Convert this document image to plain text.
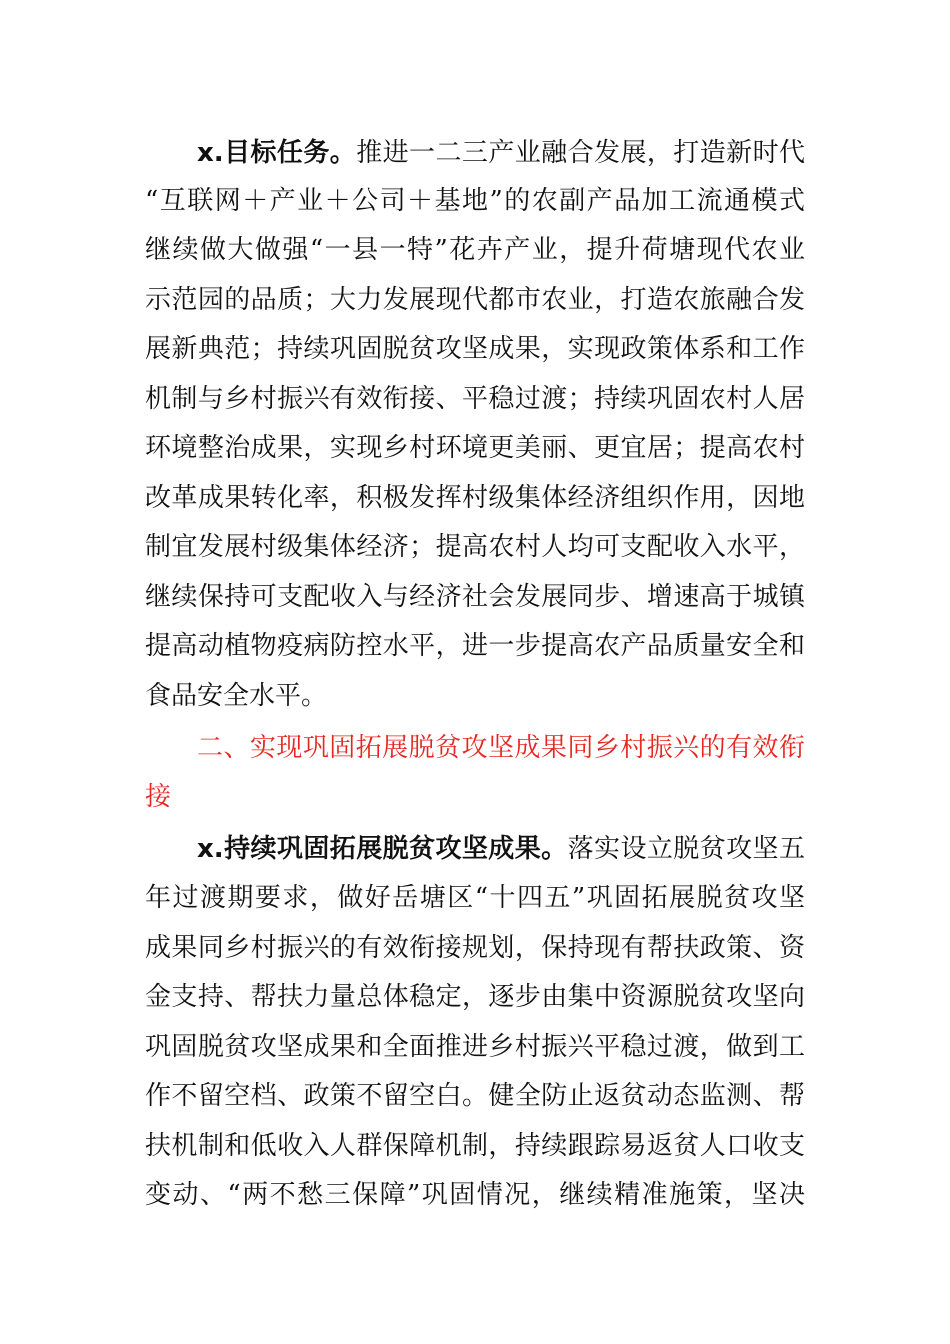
x.目标任务。推进一二三产业融合发展，打造新时代
“互联网＋产业＋公司＋基地”的农副产品加工流通模式
继续做大做强“一县一特”花卉产业，提升荷塘现代农业
示范园的品质；大力发展现代都市农业，打造农旅融合发
展新典范；持续巩固脱贫攻坚成果，实现政策体系和工作
机制与乡村振兴有效衔接、平稳过渡；持续巩固农村人居
环境整治成果，实现乡村环境更美丽、更宜居；提高农村
改革成果转化率，积极发挥村级集体经济组织作用，因地
制宜发展村级集体经济；提高农村人均可支配收入水平，
继续保持可支配收入与经济社会发展同步、增速高于城镇
提高动植物疫病防控水平，进一步提高农产品质量安全和
食品安全水平。
二、实现巩固拓展脱贫攻坚成果同乡村振兴的有效衔
接
x.持续巩固拓展脱贫攻坚成果。落实设立脱贫攻坚五
年过渡期要求，做好岳塘区“十四五”巩固拓展脱贫攻坚
成果同乡村振兴的有效衔接规划，保持现有帮扶政策、资
金支持、帮扶力量总体稳定，逐步由集中资源脱贫攻坚向
巩固脱贫攻坚成果和全面推进乡村振兴平稳过渡，做到工
作不留空档、政策不留空白。健全防止返贫动态监测、帮
扶机制和低收入人群保障机制，持续跟踪易返贫人口收支
变动、“两不愁三保障”巩固情况，继续精准施策，坚决
